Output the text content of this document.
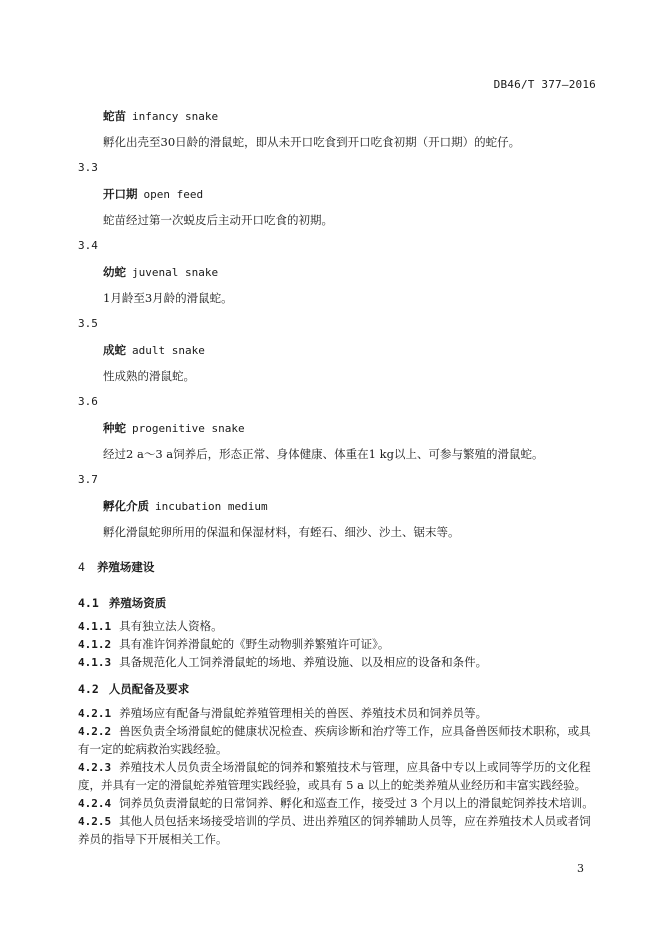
DB46/T 377—2016
蛇苗 infancy snake
孵化出壳至30日龄的滑鼠蛇，即从未开口吃食到开口吃食初期（开口期）的蛇仔。
3.3
开口期 open feed
蛇苗经过第一次蜕皮后主动开口吃食的初期。
3.4
幼蛇 juvenal snake
1月龄至3月龄的滑鼠蛇。
3.5
成蛇 adult snake
性成熟的滑鼠蛇。
3.6
种蛇 progenitive snake
经过2 a～3 a饲养后，形态正常、身体健康、体重在1 kg以上、可参与繁殖的滑鼠蛇。
3.7
孵化介质 incubation medium
孵化滑鼠蛇卵所用的保温和保湿材料，有蛭石、细沙、沙土、锯末等。
4 养殖场建设
4.1 养殖场资质
4.1.1 具有独立法人资格。
4.1.2 具有准许饲养滑鼠蛇的《野生动物驯养繁殖许可证》。
4.1.3 具备规范化人工饲养滑鼠蛇的场地、养殖设施、以及相应的设备和条件。
4.2 人员配备及要求
4.2.1 养殖场应有配备与滑鼠蛇养殖管理相关的兽医、养殖技术员和饲养员等。
4.2.2 兽医负责全场滑鼠蛇的健康状况检查、疾病诊断和治疗等工作，应具备兽医师技术职称，或具
有一定的蛇病救治实践经验。
4.2.3 养殖技术人员负责全场滑鼠蛇的饲养和繁殖技术与管理，应具备中专以上或同等学历的文化程
度，并具有一定的滑鼠蛇养殖管理实践经验，或具有 5 a 以上的蛇类养殖从业经历和丰富实践经验。
4.2.4 饲养员负责滑鼠蛇的日常饲养、孵化和巡查工作，接受过 3 个月以上的滑鼠蛇饲养技术培训。
4.2.5 其他人员包括来场接受培训的学员、进出养殖区的饲养辅助人员等，应在养殖技术人员或者饲
养员的指导下开展相关工作。
3
